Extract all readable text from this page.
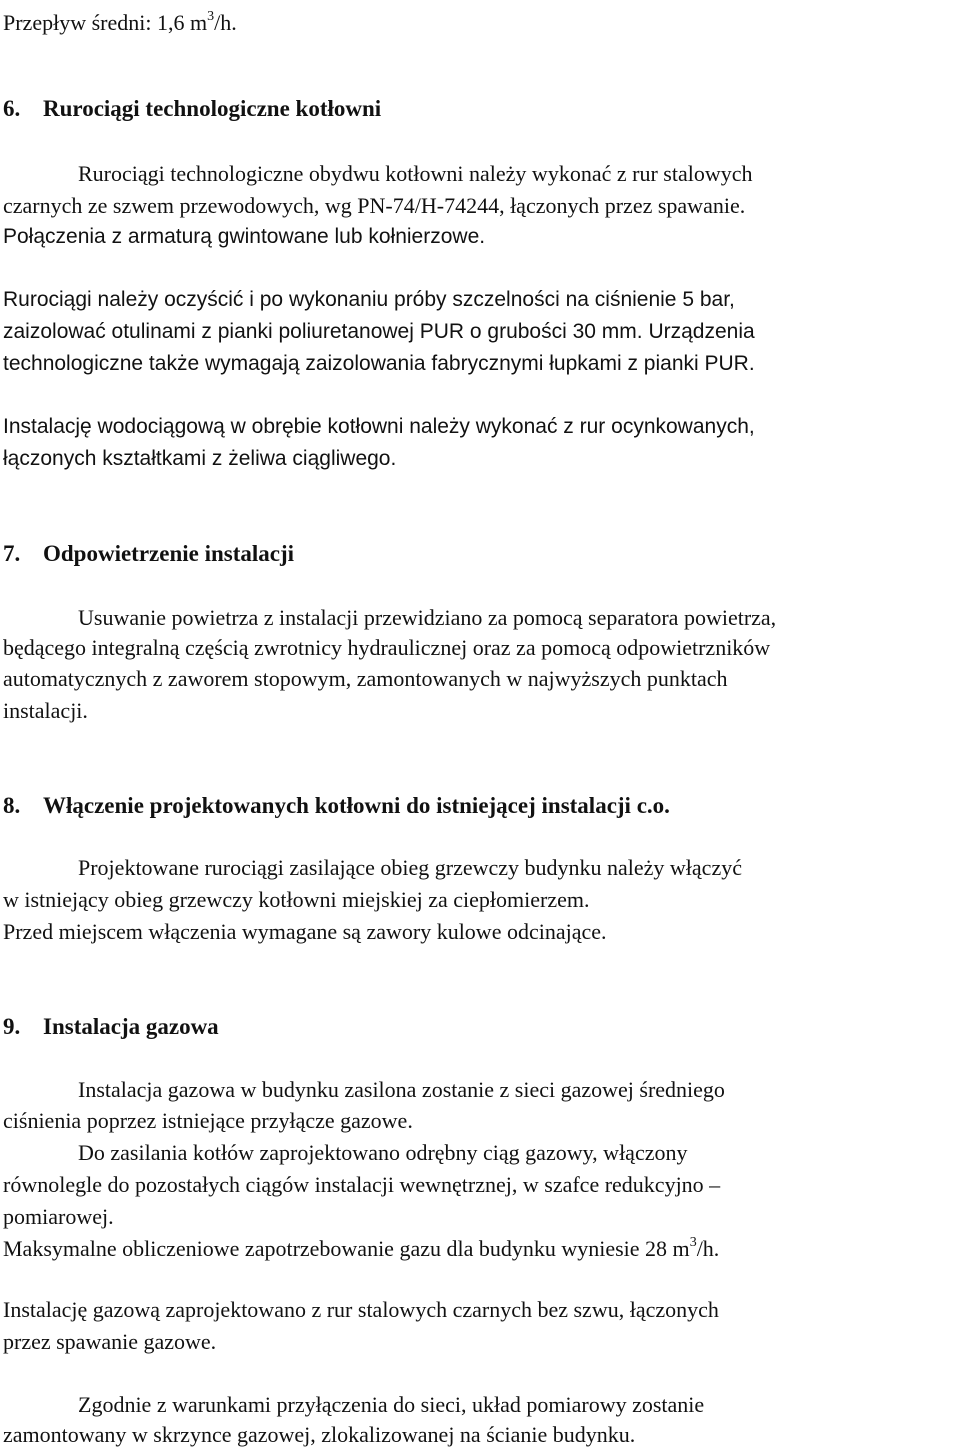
Przepływ średni: 1,6 $m^3/h$.

6. Rurociągi technologiczne kotłowni

Rurociągi technologiczne obydwu kotłowni należy wykonać z rur stalowych

czarnych ze szwem przewodowych, wg PN-74/H-74244, łączonych przez spawanie.

Połączenia z armaturą gwintowane lub kołnierzowe.

Rurociągi należy oczyścić i po wykonaniu próby szczelności na ciśnienie 5 bar,

zaizolować otulinami z pianki poliuretanowej PUR o grubości 30 mm. Urządzenia

technologiczne także wymagają zaizolowania fabrycznymi łupkami z pianki PUR.

Instalację wodociągową w obrębie kotłowni należy wykonać z rur ocynkowanych,

łączonych kształtkami z żeliwa ciągliwego.

7. Odpowietrzenie instalacji

Usuwanie powietrza z instalacji przewidziano za pomocą separatora powietrza,

będącego integralną częścią zwrotnicy hydraulicznej oraz za pomocą odpowietrzników

automatycznych z zaworem stopowym, zamontowanych w najwyższych punktach

instalacji.

8. Włączenie projektowanych kotłowni do istniejącej instalacji c.o.

Projektowane rurociągi zasilające obieg grzewczy budynku należy włączyć

w istniejący obieg grzewczy kotłowni miejskiej za ciepłomierzem.

Przed miejscem włączenia wymagane są zawory kulowe odcinające.

9. Instalacja gazowa

Instalacja gazowa w budynku zasilona zostanie z sieci gazowej średniego

ciśnienia poprzez istniejące przyłącze gazowe.

Do zasilania kotłów zaprojektowano odrębny ciąg gazowy, włączony

równolegle do pozostałych ciągów instalacji wewnętrznej, w szafce redukcyjno –

pomiarowej.

Maksymalne obliczeniowe zapotrzebowanie gazu dla budynku wyniesie 28 $m^3/h$.

Instalację gazową zaprojektowano z rur stalowych czarnych bez szwu, łączonych

przez spawanie gazowe.

Zgodnie z warunkami przyłączenia do sieci, układ pomiarowy zostanie

zamontowany w skrzynce gazowej, zlokalizowanej na ścianie budynku.
